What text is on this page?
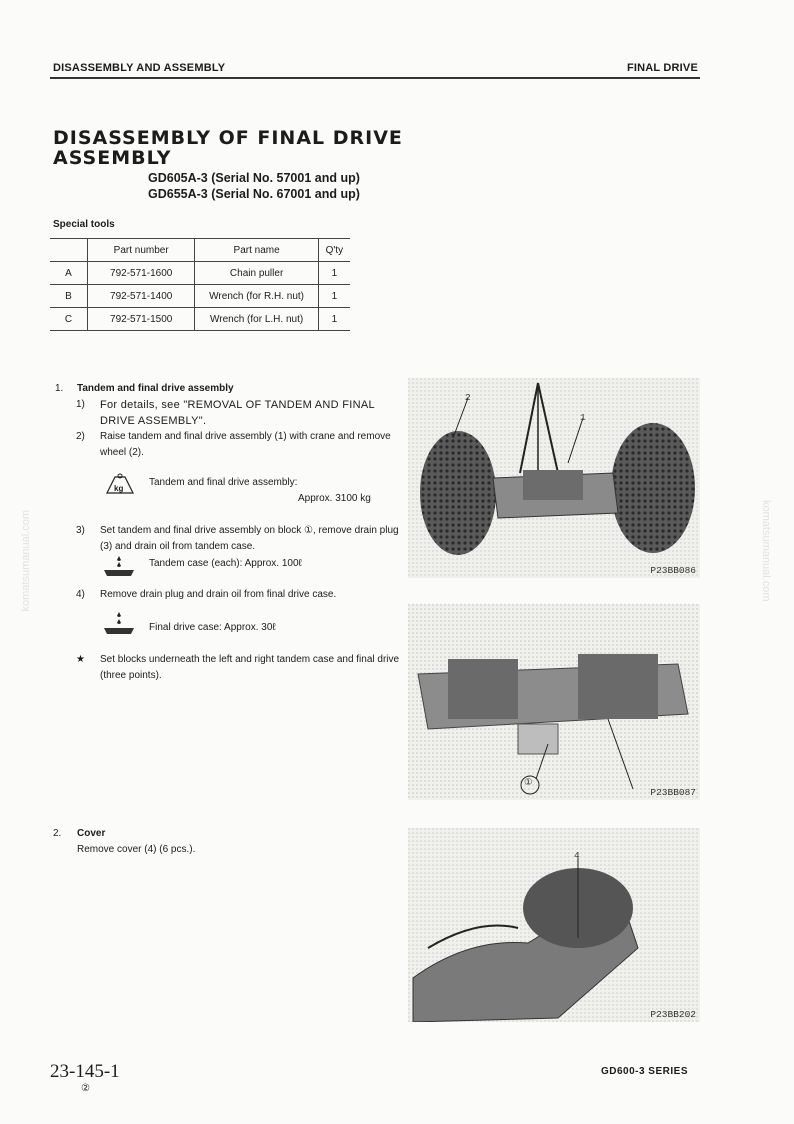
DISASSEMBLY AND ASSEMBLY	FINAL DRIVE
DISASSEMBLY OF FINAL DRIVE
ASSEMBLY
GD605A-3 (Serial No. 57001 and up)
GD655A-3 (Serial No. 67001 and up)
Special tools
	Part number	Part name	Q'ty
A	792-571-1600	Chain puller	1
B	792-571-1400	Wrench (for R.H. nut)	1
C	792-571-1500	Wrench (for L.H. nut)	1
1. Tandem and final drive assembly
1) For details, see "REMOVAL OF TANDEM AND FINAL DRIVE ASSEMBLY".
2) Raise tandem and final drive assembly (1) with crane and remove wheel (2).
kg
Tandem and final drive assembly:
Approx. 3100 kg
3) Set tandem and final drive assembly on block ①, remove drain plug (3) and drain oil from tandem case.
Tandem case (each): Approx. 100ℓ
4) Remove drain plug and drain oil from final drive case.
Final drive case: Approx. 30ℓ
★ Set blocks underneath the left and right tandem case and final drive (three points).
2. Cover
Remove cover (4) (6 pcs.).
2
1
P23BB086
①
P23BB087
4
P23BB202
23-145-1
②
GD600-3 SERIES
komatsumanual.com	komatsumanual.com
